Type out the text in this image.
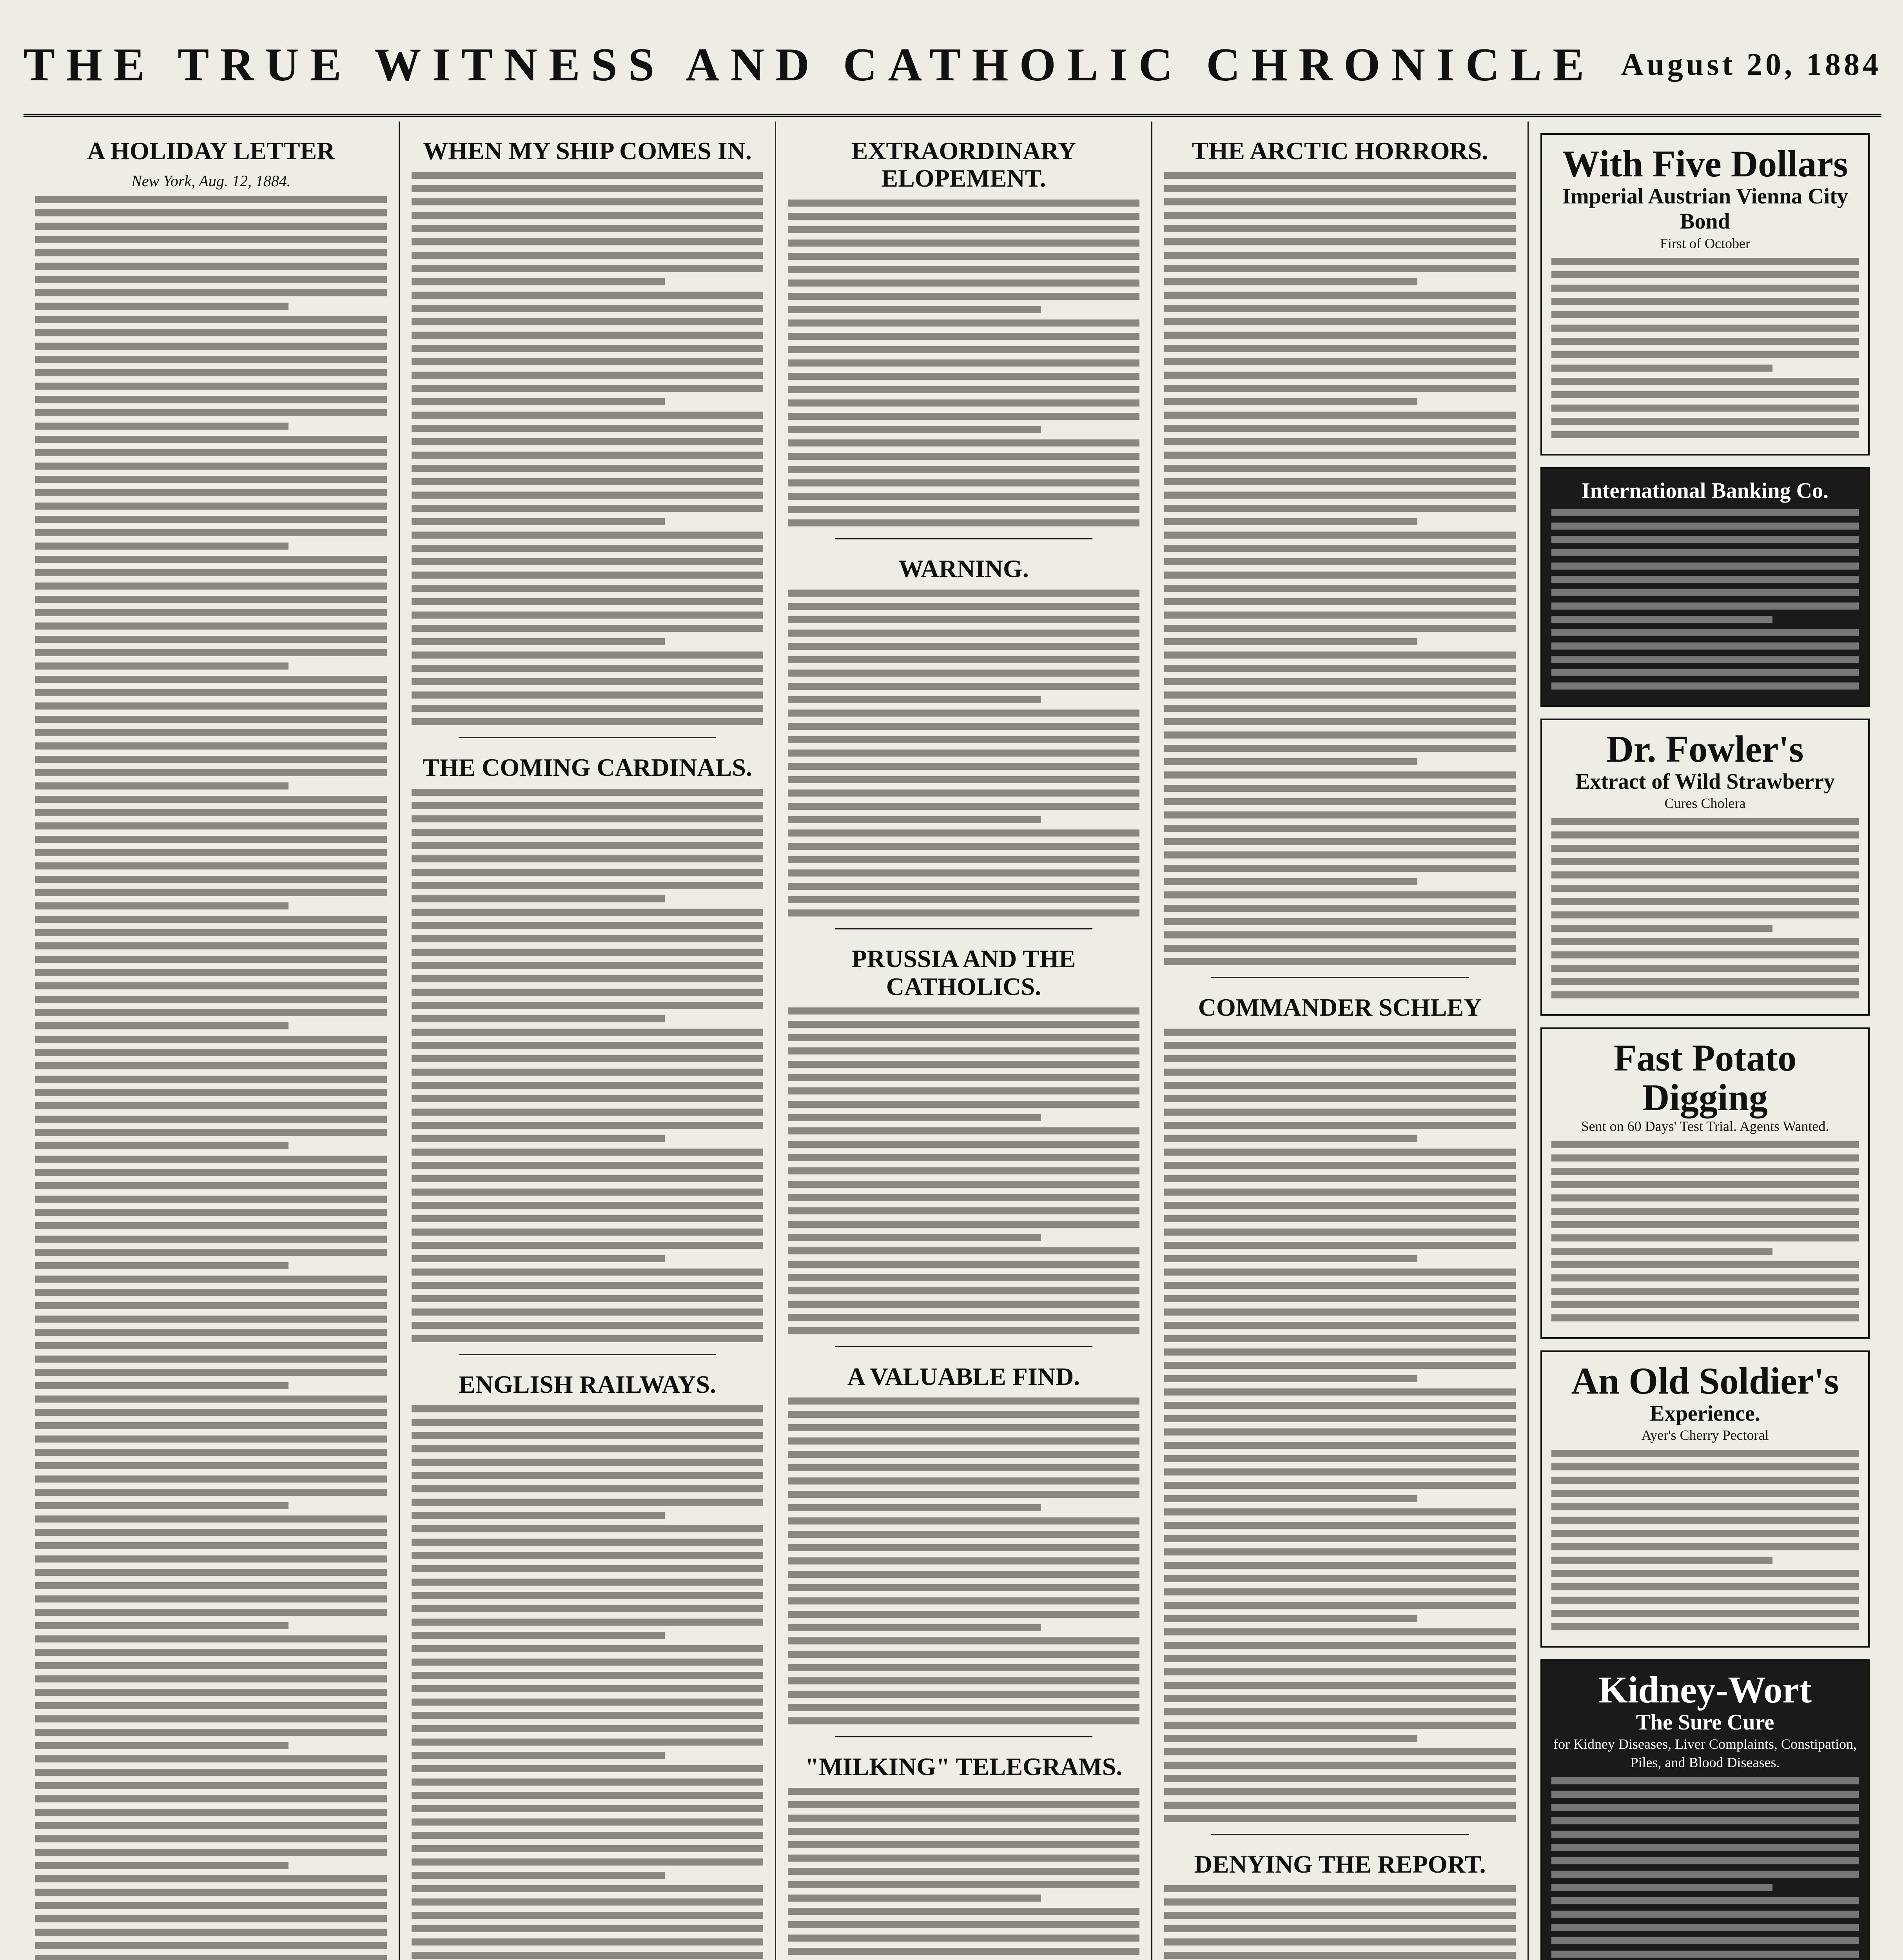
THE TRUE WITNESS AND CATHOLIC CHRONICLE August 20, 1884
A HOLIDAY LETTER
New York, Aug. 12, 1884.
WHEN MY SHIP COMES IN.
THE COMING CARDINALS.
ENGLISH RAILWAYS.
EXTRAORDINARY ELOPEMENT.
WARNING.
PRUSSIA AND THE CATHOLICS.
A VALUABLE FIND.
"MILKING" TELEGRAMS.
THE ARCTIC HORRORS.
COMMANDER SCHLEY
DENYING THE REPORT.
With Five Dollars
Imperial Austrian Vienna City Bond
First of October
International Banking Co.
Dr. Fowler's
Extract of Wild Strawberry
Cures Cholera
Fast Potato Digging
Sent on 60 Days' Test Trial. Agents Wanted.
An Old Soldier's
Experience.
Ayer's Cherry Pectoral
Kidney-Wort
The Sure Cure
for Kidney Diseases, Liver Complaints, Constipation, Piles, and Blood Diseases.
